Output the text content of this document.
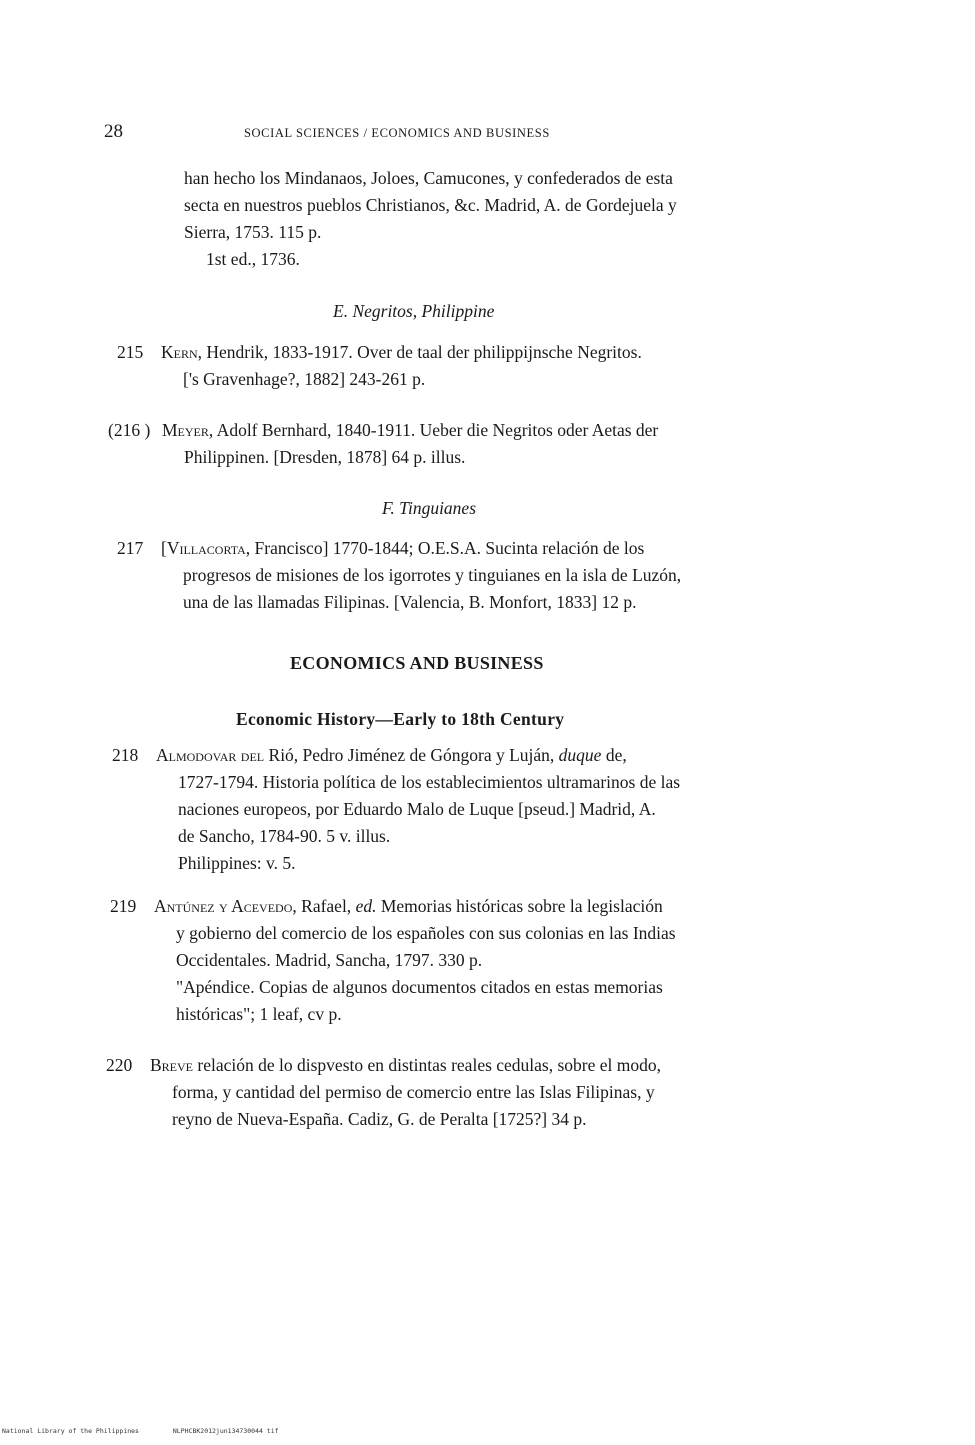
28	SOCIAL SCIENCES / ECONOMICS AND BUSINESS
han hecho los Mindanaos, Joloes, Camucones, y confederados de esta
secta en nuestros pueblos Christianos, &c. Madrid, A. de Gordejuela y
Sierra, 1753. 115 p.
1st ed., 1736.
E. Negritos, Philippine
215 Kern, Hendrik, 1833-1917. Over de taal der philippijnsche Negritos.
['s Gravenhage?, 1882] 243-261 p.
(216 ) Meyer, Adolf Bernhard, 1840-1911. Ueber die Negritos oder Aetas der
Philippinen. [Dresden, 1878] 64 p. illus.
F. Tinguianes
217 [Villacorta, Francisco] 1770-1844; O.E.S.A. Sucinta relación de los
progresos de misiones de los igorrotes y tinguianes en la isla de Luzón,
una de las llamadas Filipinas. [Valencia, B. Monfort, 1833] 12 p.
ECONOMICS AND BUSINESS
Economic History—Early to 18th Century
218 Almodovar del Rió, Pedro Jiménez de Góngora y Luján, duque de,
1727-1794. Historia política de los establecimientos ultramarinos de las
naciones europeos, por Eduardo Malo de Luque [pseud.] Madrid, A.
de Sancho, 1784-90. 5 v. illus.
Philippines: v. 5.
219 Antúnez y Acevedo, Rafael, ed. Memorias históricas sobre la legislación
y gobierno del comercio de los españoles con sus colonias en las Indias
Occidentales. Madrid, Sancha, 1797. 330 p.
"Apéndice. Copias de algunos documentos citados en estas memorias
históricas"; 1 leaf, cv p.
220 Breve relación de lo dispvesto en distintas reales cedulas, sobre el modo,
forma, y cantidad del permiso de comercio entre las Islas Filipinas, y
reyno de Nueva-España. Cadiz, G. de Peralta [1725?] 34 p.
National Library of the Philippines	NLPHCBK2012jun134730044 tif
